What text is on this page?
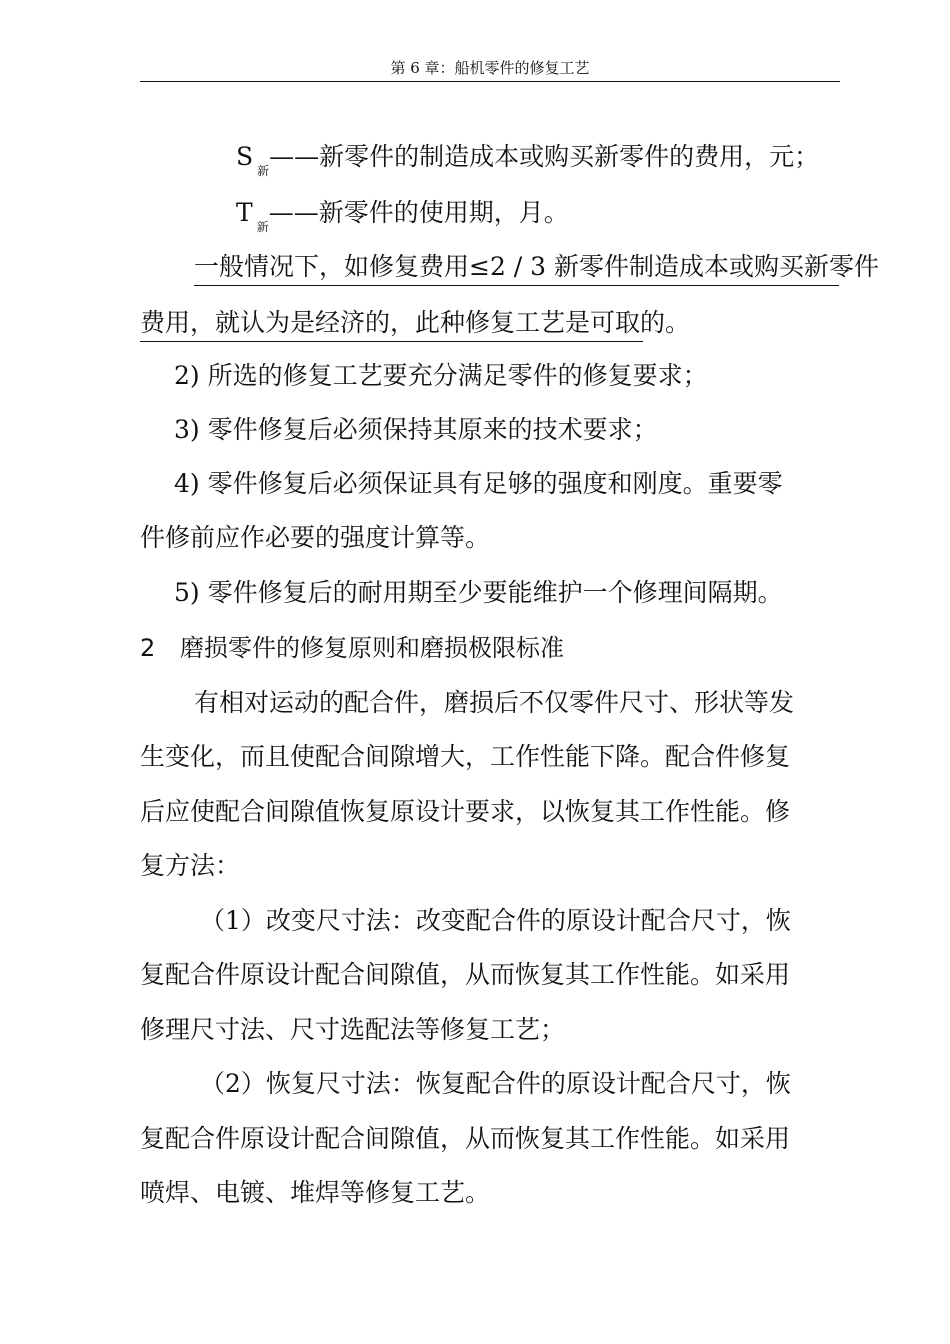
第 6 章：船机零件的修复工艺
S $_新$——新零件的制造成本或购买新零件的费用，元；
T $_新$——新零件的使用期，月。
一般情况下，如修复费用≤2 / 3 新零件制造成本或购买新零件
费用，就认为是经济的，此种修复工艺是可取的。
2) 所选的修复工艺要充分满足零件的修复要求；
3) 零件修复后必须保持其原来的技术要求；
4) 零件修复后必须保证具有足够的强度和刚度。重要零
件修前应作必要的强度计算等。
5) 零件修复后的耐用期至少要能维护一个修理间隔期。
2 磨损零件的修复原则和磨损极限标准
有相对运动的配合件，磨损后不仅零件尺寸、形状等发
生变化，而且使配合间隙增大，工作性能下降。配合件修复
后应使配合间隙值恢复原设计要求，以恢复其工作性能。修
复方法：
（1）改变尺寸法：改变配合件的原设计配合尺寸，恢
复配合件原设计配合间隙值，从而恢复其工作性能。如采用
修理尺寸法、尺寸选配法等修复工艺；
（2）恢复尺寸法：恢复配合件的原设计配合尺寸，恢
复配合件原设计配合间隙值，从而恢复其工作性能。如采用
喷焊、电镀、堆焊等修复工艺。
